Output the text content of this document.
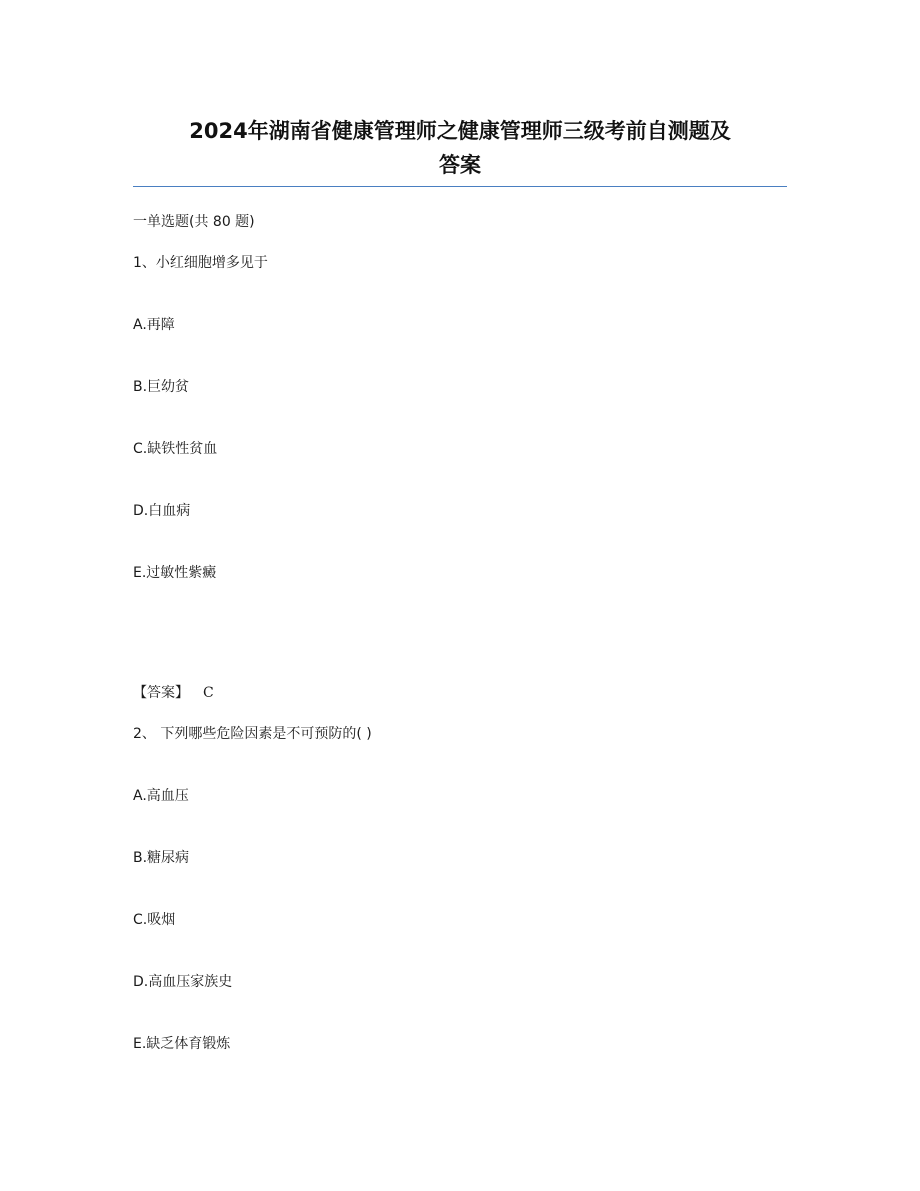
2024年湖南省健康管理师之健康管理师三级考前自测题及
答案
一单选题(共 80 题)
1、小红细胞增多见于
A.再障
B.巨幼贫
C.缺铁性贫血
D.白血病
E.过敏性紫癜
【答案】 C
2、 下列哪些危险因素是不可预防的( )
A.高血压
B.糖尿病
C.吸烟
D.高血压家族史
E.缺乏体育锻炼
